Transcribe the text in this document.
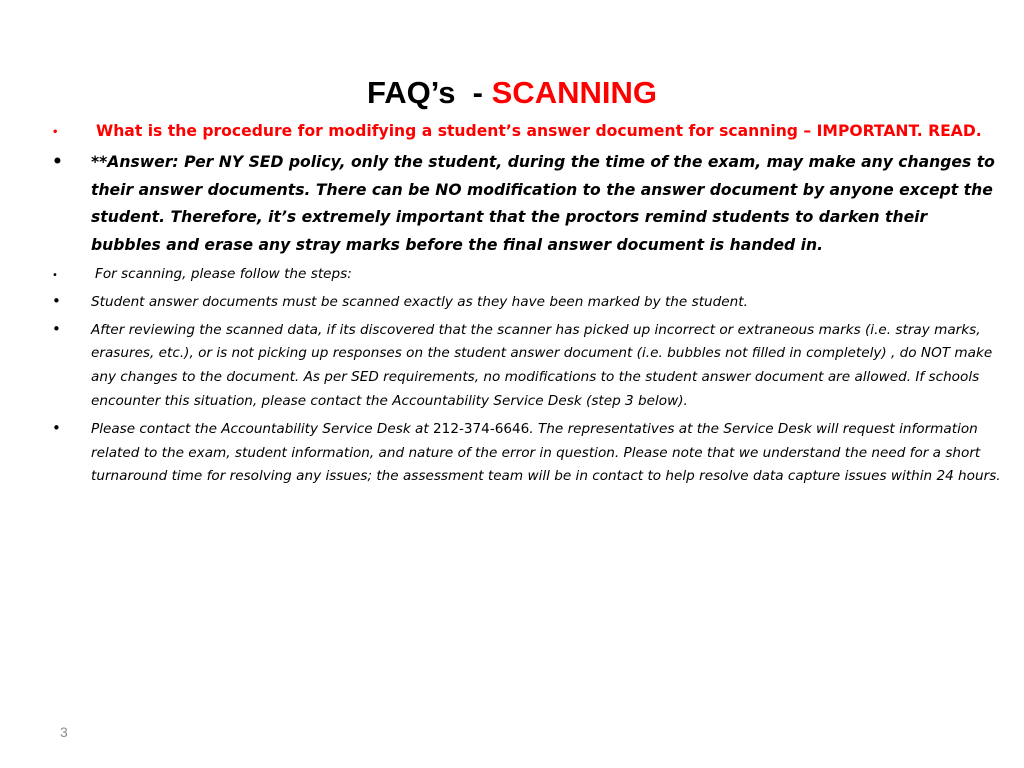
FAQ’s  - SCANNING
•	What is the procedure for modifying a student’s answer document for scanning – IMPORTANT. READ.
• **Answer: Per NY SED policy, only the student, during the time of the exam, may make any changes to their answer documents. There can be NO modification to the answer document by anyone except the student. Therefore, it’s extremely important that the proctors remind students to darken their bubbles and erase any stray marks before the final answer document is handed in.
•	For scanning, please follow the steps:
• Student answer documents must be scanned exactly as they have been marked by the student.
• After reviewing the scanned data, if its discovered that the scanner has picked up incorrect or extraneous marks (i.e. stray marks, erasures, etc.), or is not picking up responses on the student answer document (i.e. bubbles not filled in completely) , do NOT make any changes to the document. As per SED requirements, no modifications to the student answer document are allowed. If schools encounter this situation, please contact the Accountability Service Desk (step 3 below).
• Please contact the Accountability Service Desk at 212-374-6646. The representatives at the Service Desk will request information related to the exam, student information, and nature of the error in question. Please note that we understand the need for a short turnaround time for resolving any issues; the assessment team will be in contact to help resolve data capture issues within 24 hours.
3
